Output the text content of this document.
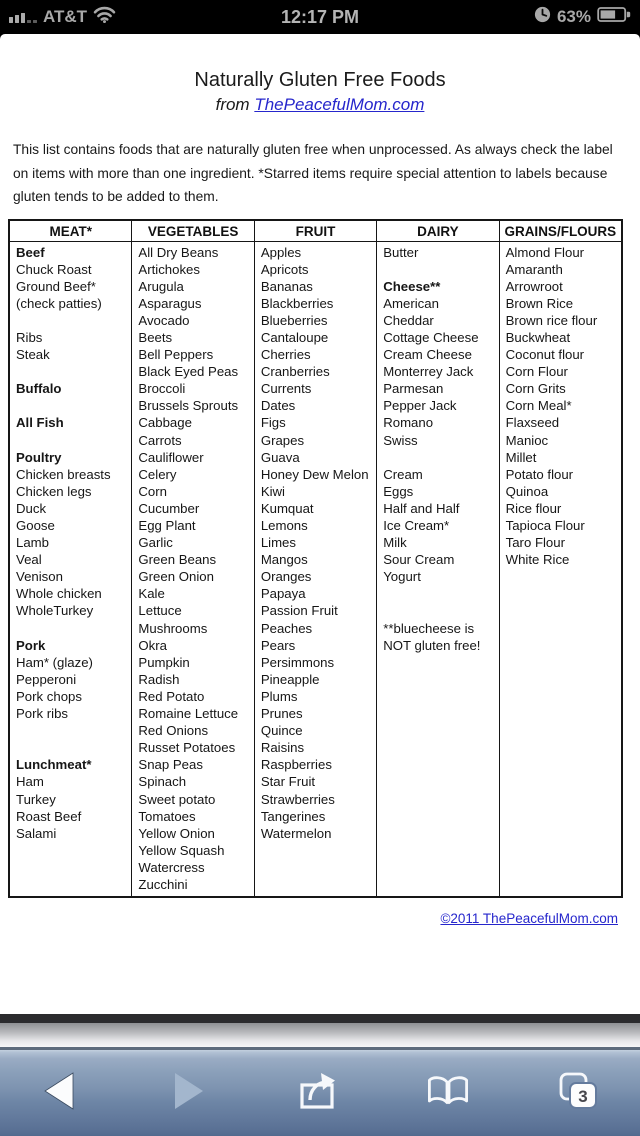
AT&T	12:17 PM	63%
Naturally Gluten Free Foods
from ThePeacefulMom.com

This list contains foods that are naturally gluten free when unprocessed. As always check the label on items with more than one ingredient. *Starred items require special attention to labels because gluten tends to be added to them.

MEAT*
Beef
Chuck Roast
Ground Beef*
(check patties)

Ribs
Steak

Buffalo

All Fish

Poultry
Chicken breasts
Chicken legs
Duck
Goose
Lamb
Veal
Venison
Whole chicken
WholeTurkey

Pork
Ham* (glaze)
Pepperoni
Pork chops
Pork ribs

Lunchmeat*
Ham
Turkey
Roast Beef
Salami
VEGETABLES
All Dry Beans
Artichokes
Arugula
Asparagus
Avocado
Beets
Bell Peppers
Black Eyed Peas
Broccoli
Brussels Sprouts
Cabbage
Carrots
Cauliflower
Celery
Corn
Cucumber
Egg Plant
Garlic
Green Beans
Green Onion
Kale
Lettuce
Mushrooms
Okra
Pumpkin
Radish
Red Potato
Romaine Lettuce
Red Onions
Russet Potatoes
Snap Peas
Spinach
Sweet potato
Tomatoes
Yellow Onion
Yellow Squash
Watercress
Zucchini
FRUIT
Apples
Apricots
Bananas
Blackberries
Blueberries
Cantaloupe
Cherries
Cranberries
Currents
Dates
Figs
Grapes
Guava
Honey Dew Melon
Kiwi
Kumquat
Lemons
Limes
Mangos
Oranges
Papaya
Passion Fruit
Peaches
Pears
Persimmons
Pineapple
Plums
Prunes
Quince
Raisins
Raspberries
Star Fruit
Strawberries
Tangerines
Watermelon
DAIRY
Butter

Cheese**
American
Cheddar
Cottage Cheese
Cream Cheese
Monterrey Jack
Parmesan
Pepper Jack
Romano
Swiss

Cream
Eggs
Half and Half
Ice Cream*
Milk
Sour Cream
Yogurt

**bluecheese is
NOT gluten free!
GRAINS/FLOURS
Almond Flour
Amaranth
Arrowroot
Brown Rice
Brown rice flour
Buckwheat
Coconut flour
Corn Flour
Corn Grits
Corn Meal*
Flaxseed
Manioc
Millet
Potato flour
Quinoa
Rice flour
Tapioca Flour
Taro Flour
White Rice
©2011 ThePeacefulMom.com
3
